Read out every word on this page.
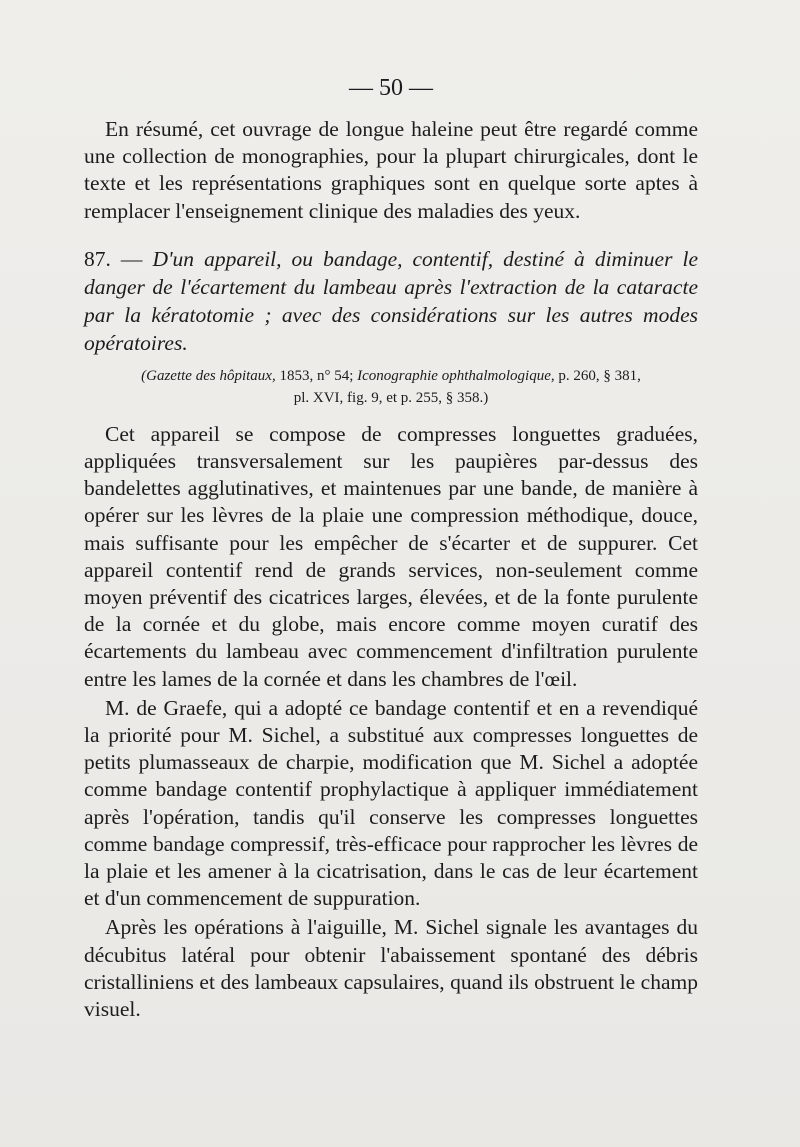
— 50 —

En résumé, cet ouvrage de longue haleine peut être regardé comme une collection de monographies, pour la plupart chirurgicales, dont le texte et les représentations graphiques sont en quelque sorte aptes à remplacer l'enseignement clinique des maladies des yeux.

87. — D'un appareil, ou bandage, contentif, destiné à diminuer le danger de l'écartement du lambeau après l'extraction de la cataracte par la kératotomie ; avec des considérations sur les autres modes opératoires.
(Gazette des hôpitaux, 1853, n° 54; Iconographie ophthalmologique, p. 260, § 381,
pl. XVI, fig. 9, et p. 255, § 358.)

Cet appareil se compose de compresses longuettes graduées, appliquées transversalement sur les paupières par-dessus des bandelettes agglutinatives, et maintenues par une bande, de manière à opérer sur les lèvres de la plaie une compression méthodique, douce, mais suffisante pour les empêcher de s'écarter et de suppurer. Cet appareil contentif rend de grands services, non-seulement comme moyen préventif des cicatrices larges, élevées, et de la fonte purulente de la cornée et du globe, mais encore comme moyen curatif des écartements du lambeau avec commencement d'infiltration purulente entre les lames de la cornée et dans les chambres de l'œil.

M. de Graefe, qui a adopté ce bandage contentif et en a revendiqué la priorité pour M. Sichel, a substitué aux compresses longuettes de petits plumasseaux de charpie, modification que M. Sichel a adoptée comme bandage contentif prophylactique à appliquer immédiatement après l'opération, tandis qu'il conserve les compresses longuettes comme bandage compressif, très-efficace pour rapprocher les lèvres de la plaie et les amener à la cicatrisation, dans le cas de leur écartement et d'un commencement de suppuration.

Après les opérations à l'aiguille, M. Sichel signale les avantages du décubitus latéral pour obtenir l'abaissement spontané des débris cristalliniens et des lambeaux capsulaires, quand ils obstruent le champ visuel.
